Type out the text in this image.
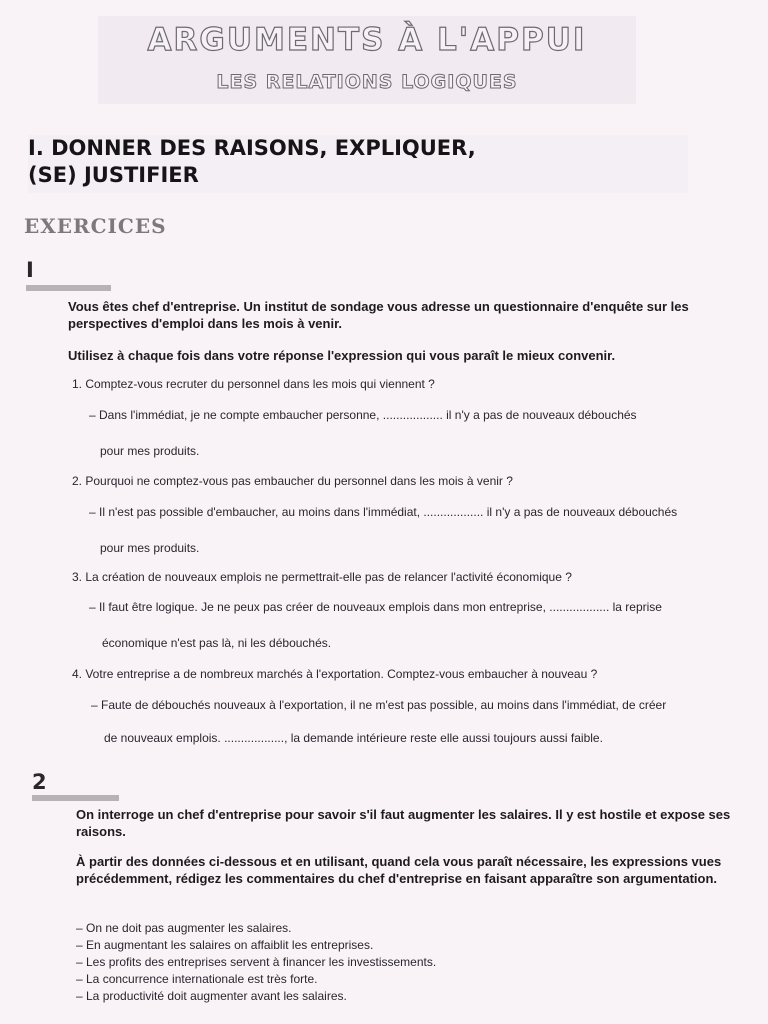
ARGUMENTS À L'APPUI
LES RELATIONS LOGIQUES
I. DONNER DES RAISONS, EXPLIQUER,
(SE) JUSTIFIER
EXERCICES
I
Vous êtes chef d'entreprise. Un institut de sondage vous adresse un questionnaire d'enquête sur les perspectives d'emploi dans les mois à venir.
Utilisez à chaque fois dans votre réponse l'expression qui vous paraît le mieux convenir.
1. Comptez-vous recruter du personnel dans les mois qui viennent ?
– Dans l'immédiat, je ne compte embaucher personne, .................. il n'y a pas de nouveaux débouchés
pour mes produits.
2. Pourquoi ne comptez-vous pas embaucher du personnel dans les mois à venir ?
– Il n'est pas possible d'embaucher, au moins dans l'immédiat, .................. il n'y a pas de nouveaux débouchés
pour mes produits.
3. La création de nouveaux emplois ne permettrait-elle pas de relancer l'activité économique ?
– Il faut être logique. Je ne peux pas créer de nouveaux emplois dans mon entreprise, .................. la reprise
économique n'est pas là, ni les débouchés.
4. Votre entreprise a de nombreux marchés à l'exportation. Comptez-vous embaucher à nouveau ?
– Faute de débouchés nouveaux à l'exportation, il ne m'est pas possible, au moins dans l'immédiat, de créer
de nouveaux emplois. .................., la demande intérieure reste elle aussi toujours aussi faible.
2
On interroge un chef d'entreprise pour savoir s'il faut augmenter les salaires. Il y est hostile et expose ses raisons.
À partir des données ci-dessous et en utilisant, quand cela vous paraît nécessaire, les expressions vues précédemment, rédigez les commentaires du chef d'entreprise en faisant apparaître son argumentation.
– On ne doit pas augmenter les salaires.
– En augmentant les salaires on affaiblit les entreprises.
– Les profits des entreprises servent à financer les investissements.
– La concurrence internationale est très forte.
– La productivité doit augmenter avant les salaires.
